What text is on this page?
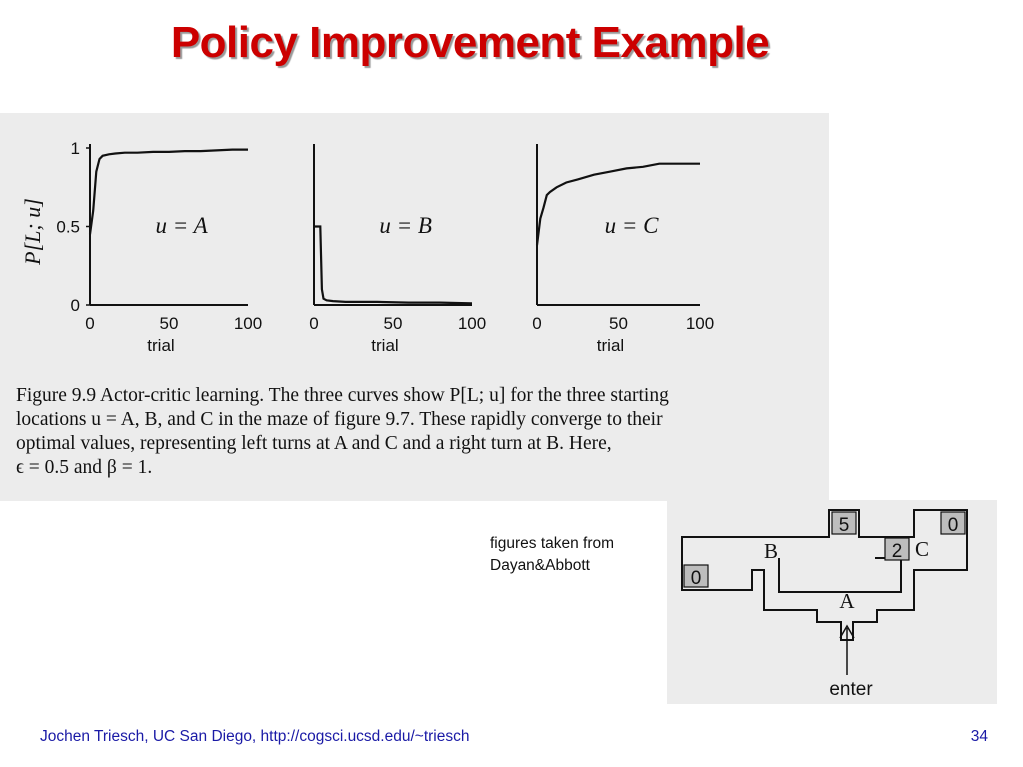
Policy Improvement Example
0	50	100
0
0.5
1
trial
P[L; u]	u = A
0	50	100
trial
u = B
0	50	100
trial
u = C

Figure 9.9 Actor-critic learning. The three curves show P[L; u] for the three starting

locations u = A, B, and C in the maze of figure 9.7. These rapidly converge to their

optimal values, representing left turns at A and C and a right turn at B. Here,

ϵ = 0.5 and β = 1.

figures taken from
Dayan&Abbott
5	0
2
0
B	C
A
enter
Jochen Triesch, UC San Diego, http://cogsci.ucsd.edu/~triesch	34
